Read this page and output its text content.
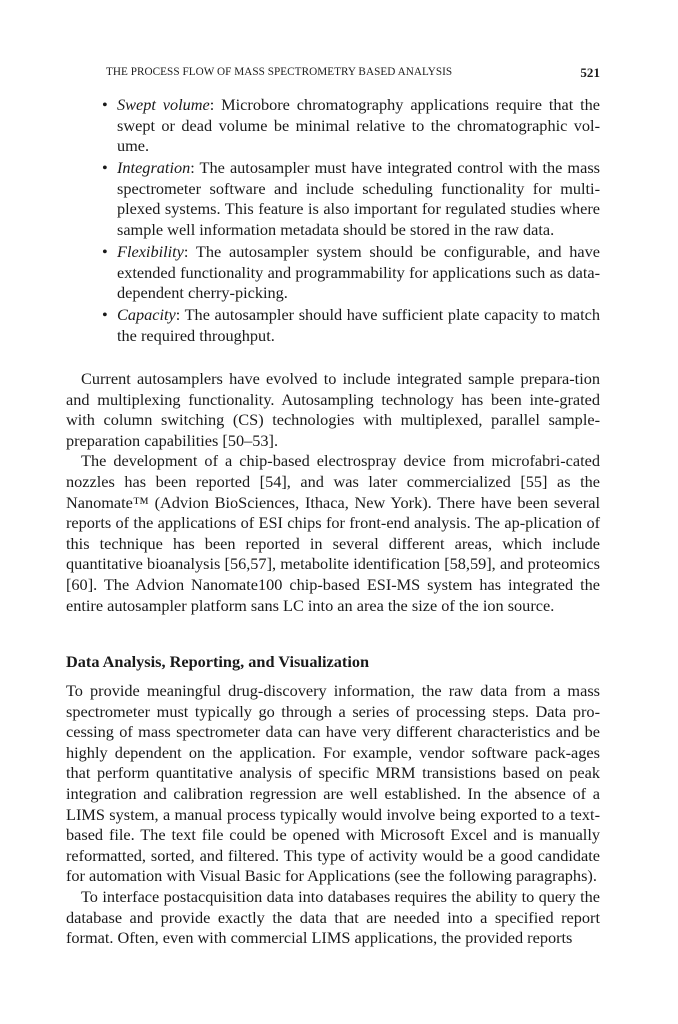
THE PROCESS FLOW OF MASS SPECTROMETRY BASED ANALYSIS	521
• Swept volume: Microbore chromatography applications require that the swept or dead volume be minimal relative to the chromatographic vol-ume.
• Integration: The autosampler must have integrated control with the mass spectrometer software and include scheduling functionality for multi-plexed systems. This feature is also important for regulated studies where sample well information metadata should be stored in the raw data.
• Flexibility: The autosampler system should be configurable, and have extended functionality and programmability for applications such as data-dependent cherry-picking.
• Capacity: The autosampler should have sufficient plate capacity to match the required throughput.

Current autosamplers have evolved to include integrated sample prepara-tion and multiplexing functionality. Autosampling technology has been inte-grated with column switching (CS) technologies with multiplexed, parallel sample-preparation capabilities [50–53].

The development of a chip-based electrospray device from microfabri-cated nozzles has been reported [54], and was later commercialized [55] as the Nanomate™ (Advion BioSciences, Ithaca, New York). There have been several reports of the applications of ESI chips for front-end analysis. The ap-plication of this technique has been reported in several different areas, which include quantitative bioanalysis [56,57], metabolite identification [58,59], and proteomics [60]. The Advion Nanomate100 chip-based ESI-MS system has integrated the entire autosampler platform sans LC into an area the size of the ion source.

Data Analysis, Reporting, and Visualization

To provide meaningful drug-discovery information, the raw data from a mass spectrometer must typically go through a series of processing steps. Data pro-cessing of mass spectrometer data can have very different characteristics and be highly dependent on the application. For example, vendor software pack-ages that perform quantitative analysis of specific MRM transistions based on peak integration and calibration regression are well established. In the absence of a LIMS system, a manual process typically would involve being exported to a text-based file. The text file could be opened with Microsoft Excel and is manually reformatted, sorted, and filtered. This type of activity would be a good candidate for automation with Visual Basic for Applications (see the following paragraphs).

To interface postacquisition data into databases requires the ability to query the database and provide exactly the data that are needed into a specified report format. Often, even with commercial LIMS applications, the provided reports
